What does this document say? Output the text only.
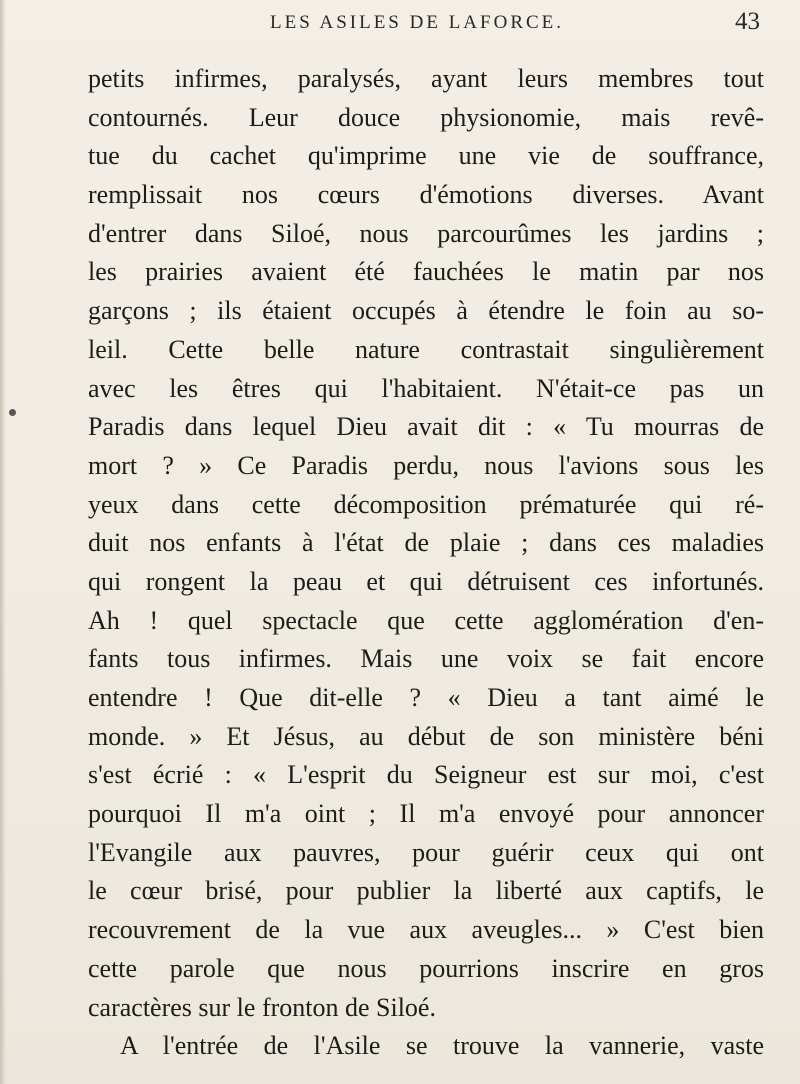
LES ASILES DE LAFORCE.	43
petits infirmes, paralysés, ayant leurs membres tout
contournés. Leur douce physionomie, mais revê-
tue du cachet qu'imprime une vie de souffrance,
remplissait nos cœurs d'émotions diverses. Avant
d'entrer dans Siloé, nous parcourûmes les jardins ;
les prairies avaient été fauchées le matin par nos
garçons ; ils étaient occupés à étendre le foin au so-
leil. Cette belle nature contrastait singulièrement
avec les êtres qui l'habitaient. N'était-ce pas un
Paradis dans lequel Dieu avait dit : « Tu mourras de
mort ? » Ce Paradis perdu, nous l'avions sous les
yeux dans cette décomposition prématurée qui ré-
duit nos enfants à l'état de plaie ; dans ces maladies
qui rongent la peau et qui détruisent ces infortunés.
Ah ! quel spectacle que cette agglomération d'en-
fants tous infirmes. Mais une voix se fait encore
entendre ! Que dit-elle ? « Dieu a tant aimé le
monde. » Et Jésus, au début de son ministère béni
s'est écrié : « L'esprit du Seigneur est sur moi, c'est
pourquoi Il m'a oint ; Il m'a envoyé pour annoncer
l'Evangile aux pauvres, pour guérir ceux qui ont
le cœur brisé, pour publier la liberté aux captifs, le
recouvrement de la vue aux aveugles... » C'est bien
cette parole que nous pourrions inscrire en gros
caractères sur le fronton de Siloé.
A l'entrée de l'Asile se trouve la vannerie, vaste
